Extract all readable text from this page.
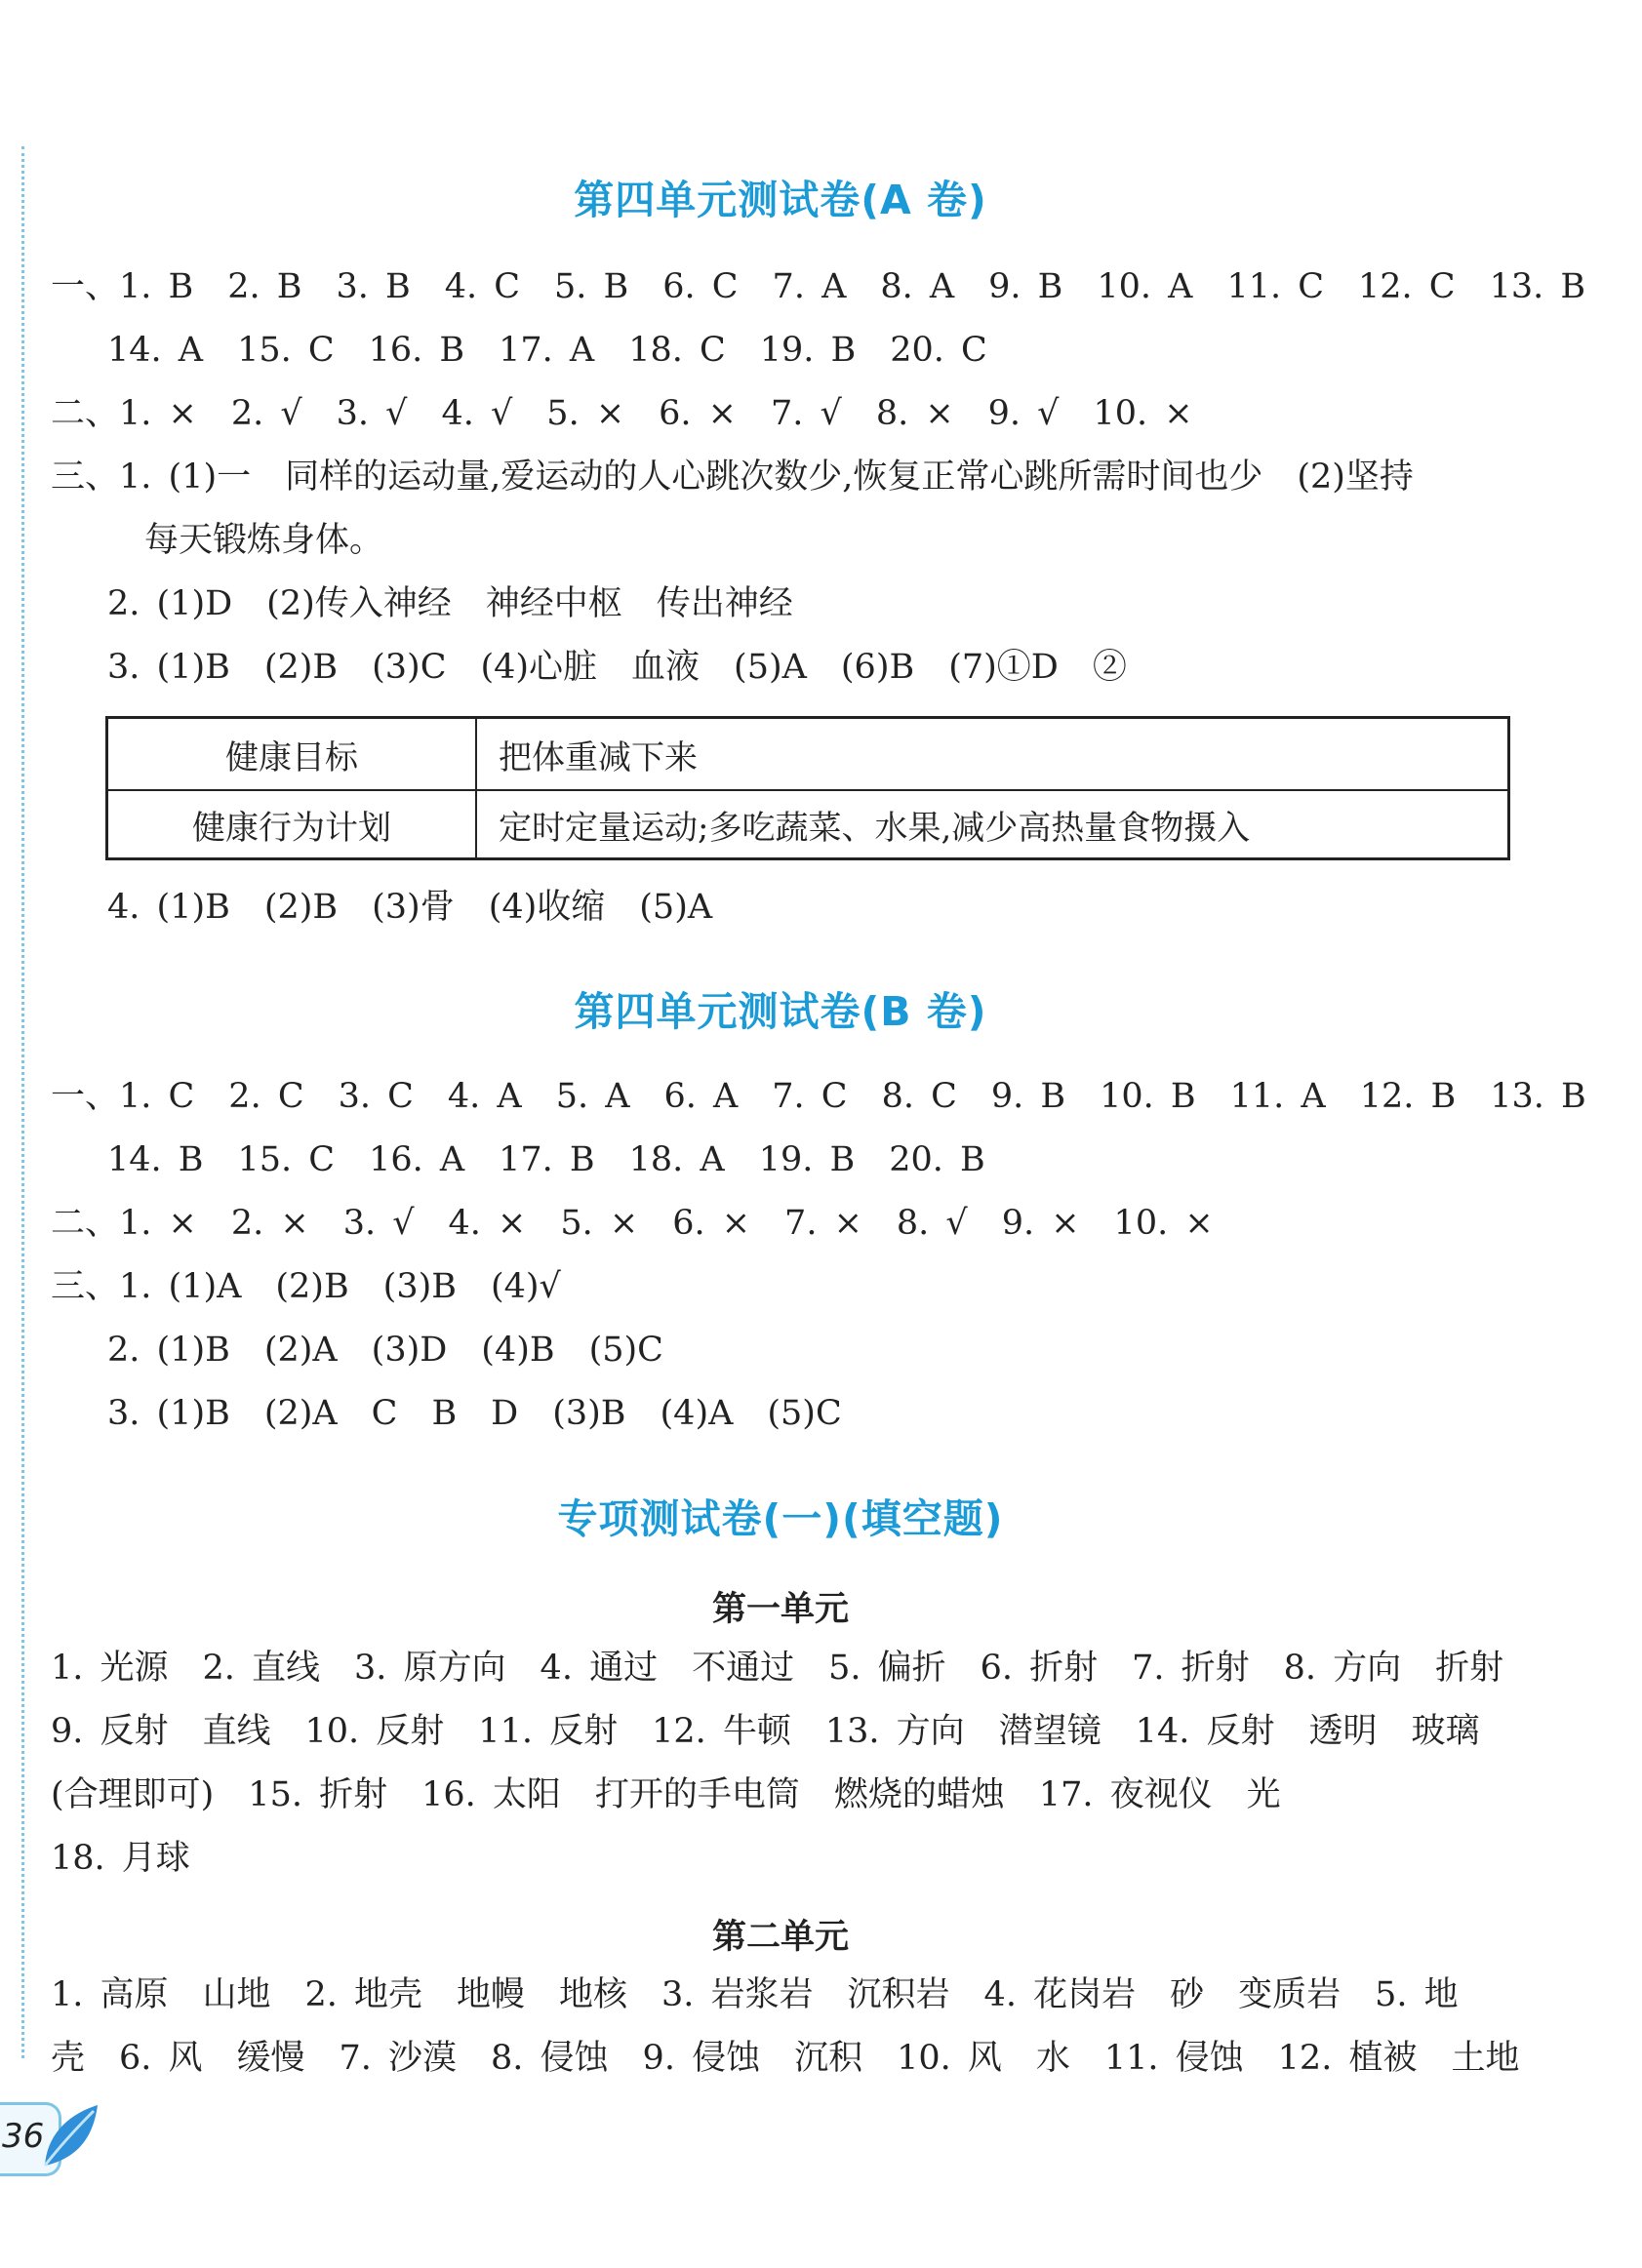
第四单元测试卷(A 卷)
一、1. B　2. B　3. B　4. C　5. B　6. C　7. A　8. A　9. B　10. A　11. C　12. C　13. B
14. A　15. C　16. B　17. A　18. C　19. B　20. C
二、1. ×　2. √　3. √　4. √　5. ×　6. ×　7. √　8. ×　9. √　10. ×
三、1. (1)一　同样的运动量,爱运动的人心跳次数少,恢复正常心跳所需时间也少　(2)坚持
每天锻炼身体。
2. (1)D　(2)传入神经　神经中枢　传出神经
3. (1)B　(2)B　(3)C　(4)心脏　血液　(5)A　(6)B　(7)①D　②
健康目标	把体重减下来
健康行为计划	定时定量运动;多吃蔬菜、水果,减少高热量食物摄入
4. (1)B　(2)B　(3)骨　(4)收缩　(5)A
第四单元测试卷(B 卷)
一、1. C　2. C　3. C　4. A　5. A　6. A　7. C　8. C　9. B　10. B　11. A　12. B　13. B
14. B　15. C　16. A　17. B　18. A　19. B　20. B
二、1. ×　2. ×　3. √　4. ×　5. ×　6. ×　7. ×　8. √　9. ×　10. ×
三、1. (1)A　(2)B　(3)B　(4)√
2. (1)B　(2)A　(3)D　(4)B　(5)C
3. (1)B　(2)A　C　B　D　(3)B　(4)A　(5)C
专项测试卷(一)(填空题)
第一单元
1. 光源　2. 直线　3. 原方向　4. 通过　不通过　5. 偏折　6. 折射　7. 折射　8. 方向　折射
9. 反射　直线　10. 反射　11. 反射　12. 牛顿　13. 方向　潜望镜　14. 反射　透明　玻璃
(合理即可)　15. 折射　16. 太阳　打开的手电筒　燃烧的蜡烛　17. 夜视仪　光
18. 月球
第二单元
1. 高原　山地　2. 地壳　地幔　地核　3. 岩浆岩　沉积岩　4. 花岗岩　砂　变质岩　5. 地
壳　6. 风　缓慢　7. 沙漠　8. 侵蚀　9. 侵蚀　沉积　10. 风　水　11. 侵蚀　12. 植被　土地
36
